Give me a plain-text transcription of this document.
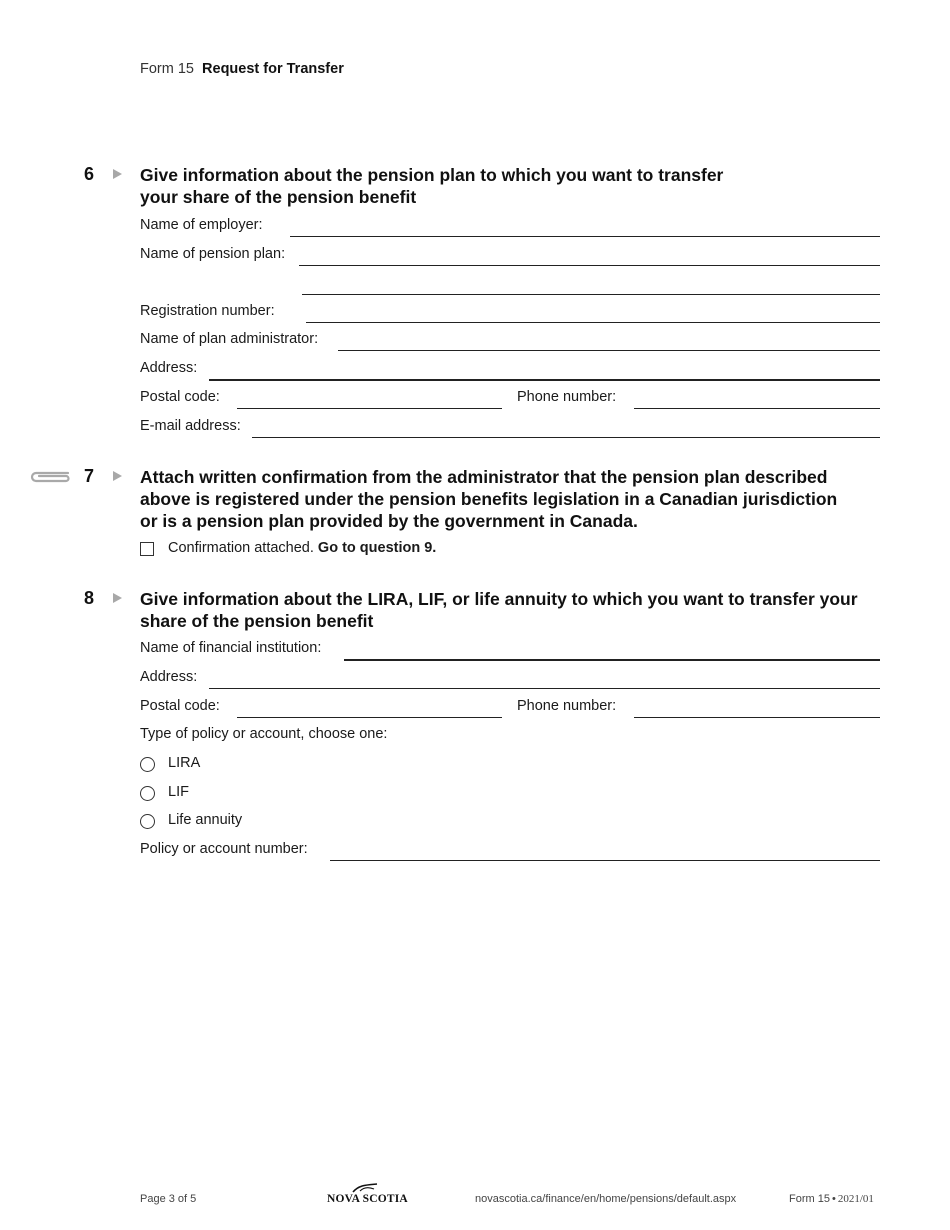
Form 15 Request for Transfer
6	Give information about the pension plan to which you want to transfer your share of the pension benefit
Name of employer:
Name of pension plan:
Registration number:
Name of plan administrator:
Address:
Postal code:	Phone number:
E-mail address:
7	Attach written confirmation from the administrator that the pension plan described above is registered under the pension benefits legislation in a Canadian jurisdiction or is a pension plan provided by the government in Canada.
Confirmation attached. Go to question 9.
8	Give information about the LIRA, LIF, or life annuity to which you want to transfer your share of the pension benefit
Name of financial institution:
Address:
Postal code:	Phone number:
Type of policy or account, choose one:
LIRA
LIF
Life annuity
Policy or account number:
Page 3 of 5	NOVA SCOTIA	novascotia.ca/finance/en/home/pensions/default.aspx	Form 15 • 2021/01
